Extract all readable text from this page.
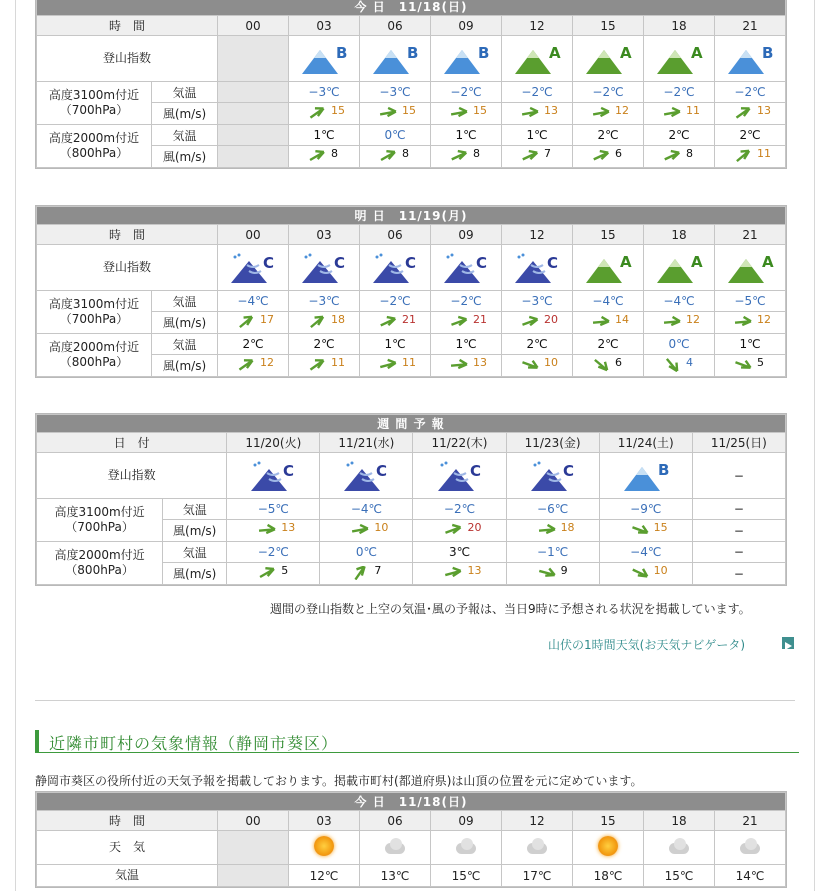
今 日　11/18(日)									
時　間		00	03	06	09	12	15	18	21
登山指数			B	B	B	A	A	A	B

高度3100m付近
（700hPa）	気温		−3℃	−3℃	−2℃	−2℃	−2℃	−2℃	−2℃
	風(m/s)		15	15	15	13	12	11	13

高度2000m付近
（800hPa）	気温		1℃	0℃	1℃	1℃	2℃	2℃	2℃
	風(m/s)		8	8	8	7	6	8	11
明 日　11/19(月)									
時　間		00	03	06	09	12	15	18	21
登山指数		C	C	C	C	C	A	A	A

高度3100m付近
（700hPa）	気温	−4℃	−3℃	−2℃	−2℃	−3℃	−4℃	−4℃	−5℃
	風(m/s)	17	18	21	21	20	14	12	12

高度2000m付近
（800hPa）	気温	2℃	2℃	1℃	1℃	2℃	2℃	0℃	1℃
	風(m/s)	12	11	11	13	10	6	4	5
週 間 予 報							
日　付		11/20(火)	11/21(水)	11/22(木)	11/23(金)	11/24(土)	11/25(日)
登山指数		C	C	C	C	B	−
高度3100m付近
（700hPa）	気温	−5℃	−4℃	−2℃	−6℃	−9℃	−
	風(m/s)	13	10	20	18	15	−
高度2000m付近
（800hPa）	気温	−2℃	0℃	3℃	−1℃	−4℃	−
	風(m/s)	5	7	13	9	10	−
週間の登山指数と上空の気温･風の予報は、当日9時に予想される状況を掲載しています。
山伏の1時間天気(お天気ナビゲータ)
近隣市町村の気象情報（静岡市葵区）
静岡市葵区の役所付近の天気予報を掲載しております。掲載市町村(都道府県)は山頂の位置を元に定めています。
今 日　11/18(日)								
時　間	00	03	06	09	12	15	18	21
天　気								
気温		12℃	13℃	15℃	17℃	18℃	15℃	14℃
